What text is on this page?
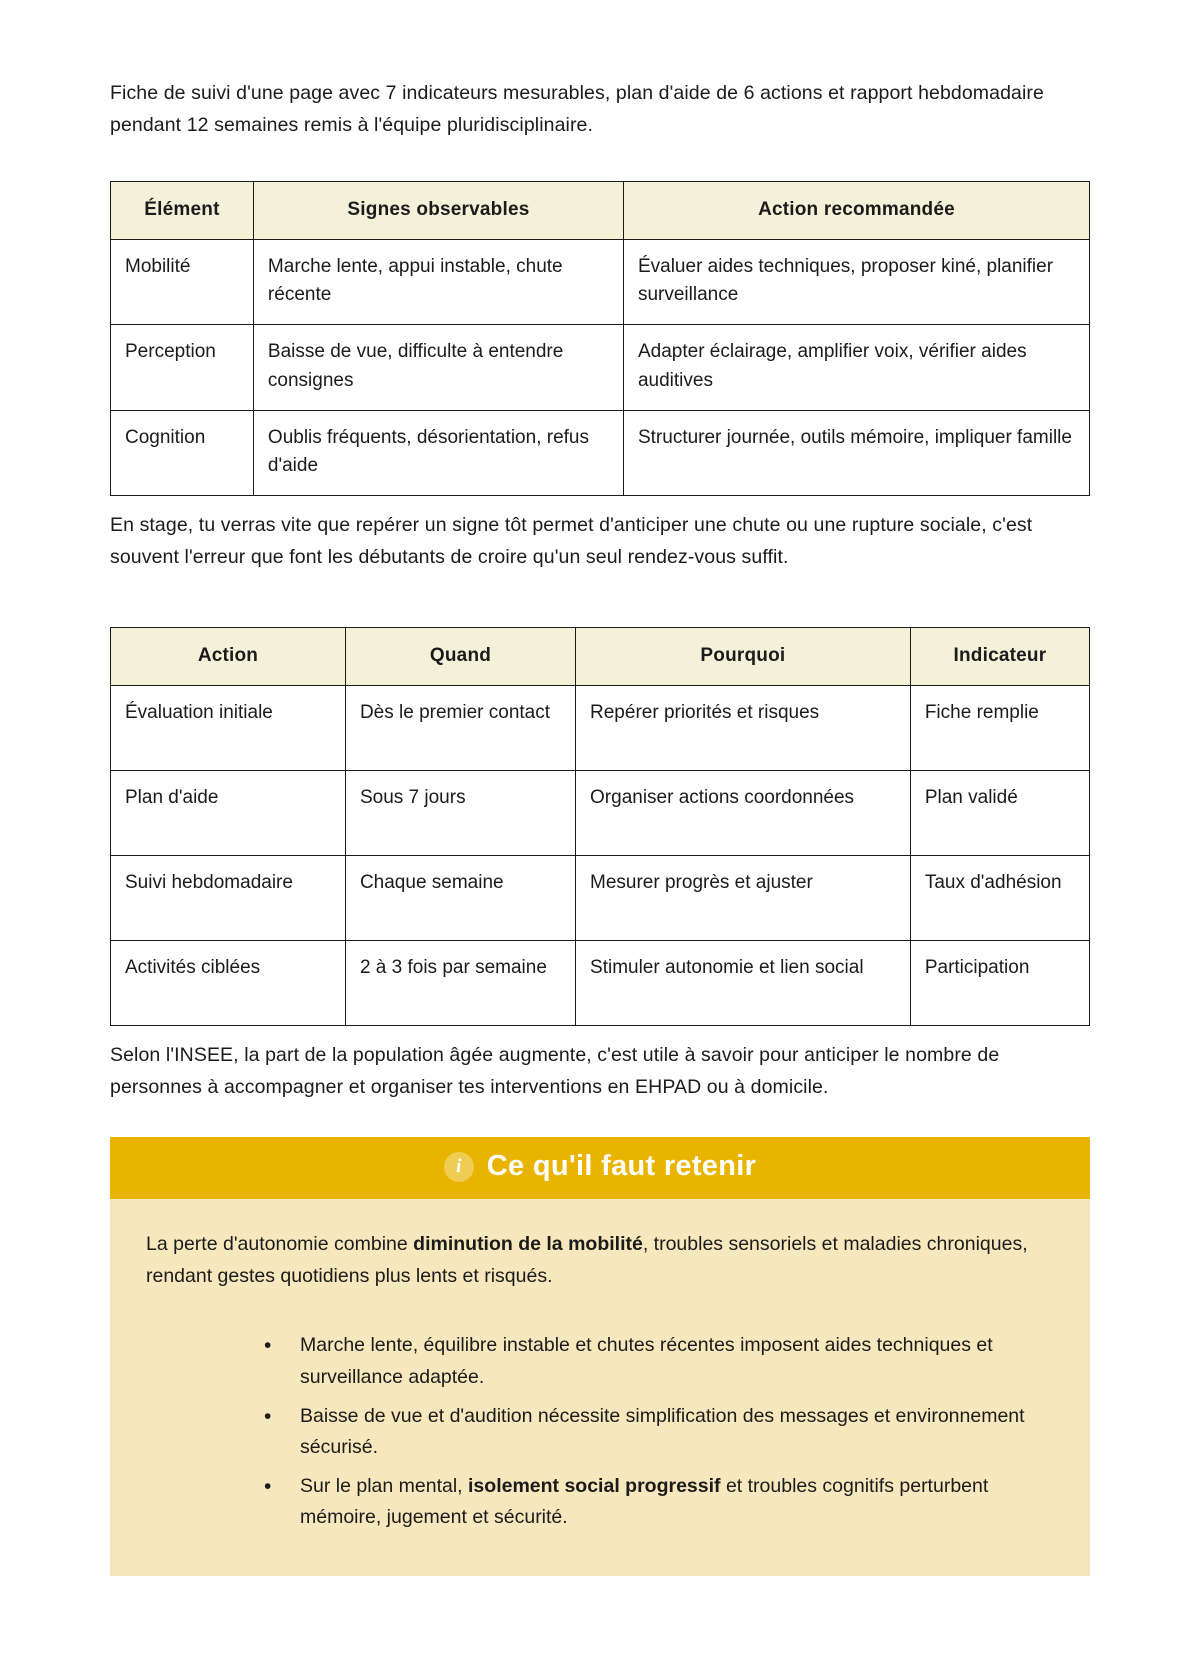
Fiche de suivi d'une page avec 7 indicateurs mesurables, plan d'aide de 6 actions et rapport hebdomadaire pendant 12 semaines remis à l'équipe pluridisciplinaire.

Élément	Signes observables	Action recommandée
Mobilité	Marche lente, appui instable, chute récente	Évaluer aides techniques, proposer kiné, planifier surveillance
Perception	Baisse de vue, difficulte à entendre consignes	Adapter éclairage, amplifier voix, vérifier aides auditives
Cognition	Oublis fréquents, désorientation, refus d'aide	Structurer journée, outils mémoire, impliquer famille

En stage, tu verras vite que repérer un signe tôt permet d'anticiper une chute ou une rupture sociale, c'est souvent l'erreur que font les débutants de croire qu'un seul rendez-vous suffit.

Action	Quand	Pourquoi	Indicateur
Évaluation initiale	Dès le premier contact	Repérer priorités et risques	Fiche remplie
Plan d'aide	Sous 7 jours	Organiser actions coordonnées	Plan validé
Suivi hebdomadaire	Chaque semaine	Mesurer progrès et ajuster	Taux d'adhésion
Activités ciblées	2 à 3 fois par semaine	Stimuler autonomie et lien social	Participation

Selon l'INSEE, la part de la population âgée augmente, c'est utile à savoir pour anticiper le nombre de personnes à accompagner et organiser tes interventions en EHPAD ou à domicile.

i Ce qu'il faut retenir

La perte d'autonomie combine diminution de la mobilité, troubles sensoriels et maladies chroniques, rendant gestes quotidiens plus lents et risqués.

• Marche lente, équilibre instable et chutes récentes imposent aides techniques et surveillance adaptée.
• Baisse de vue et d'audition nécessite simplification des messages et environnement sécurisé.
• Sur le plan mental, isolement social progressif et troubles cognitifs perturbent mémoire, jugement et sécurité.
